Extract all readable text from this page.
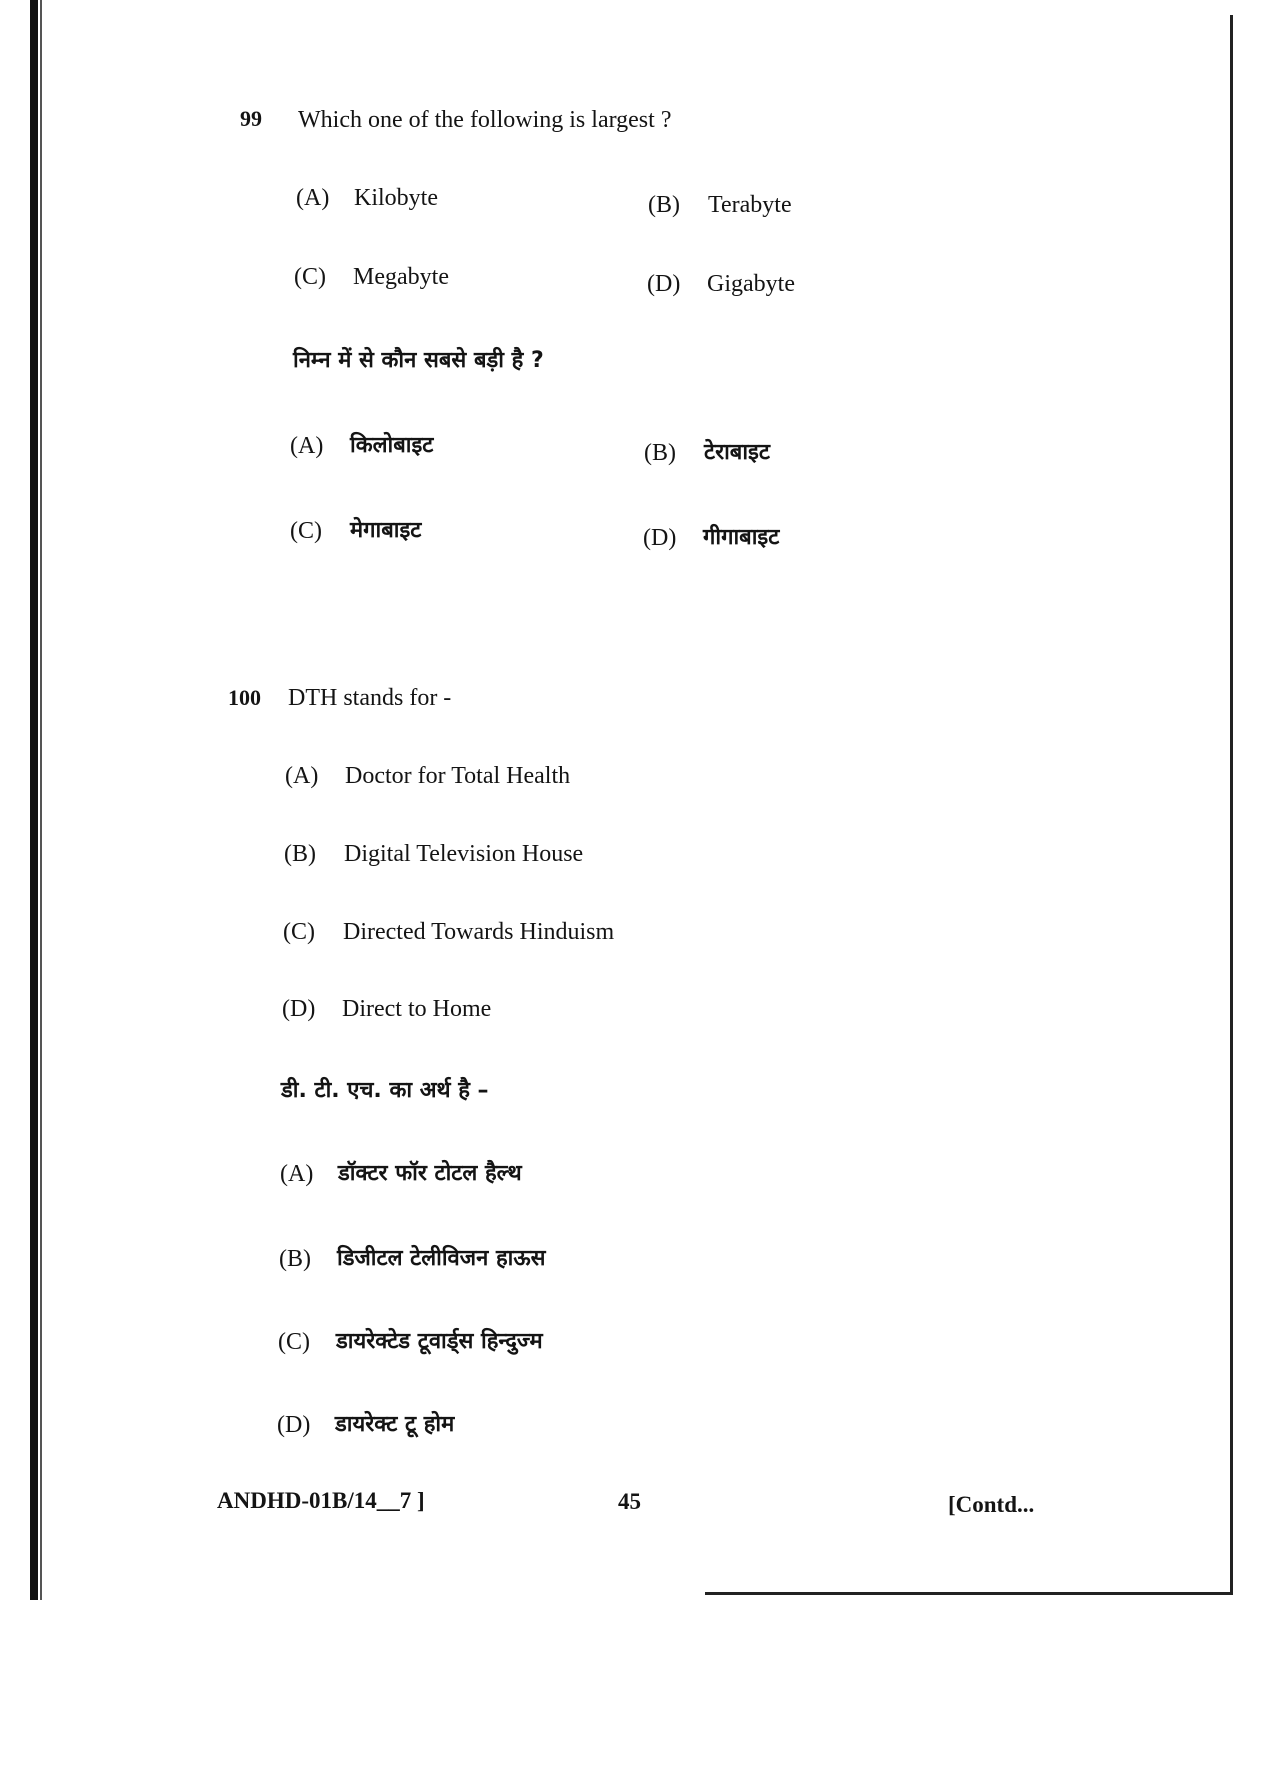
99 Which one of the following is largest ?
(A) Kilobyte	(B) Terabyte
(C) Megabyte	(D) Gigabyte
निम्न में से कौन सबसे बड़ी है ?
(A) किलोबाइट	(B) टेराबाइट
(C) मेगाबाइट	(D) गीगाबाइट
100 DTH stands for -
(A) Doctor for Total Health
(B) Digital Television House
(C) Directed Towards Hinduism
(D) Direct to Home
डी. टी. एच. का अर्थ है –
(A) डॉक्टर फॉर टोटल हैल्थ
(B) डिजीटल टेलीविजन हाऊस
(C) डायरेक्टेड टूवार्ड्स हिन्दुज्म
(D) डायरेक्ट टू होम
ANDHD-01B/14__7 ]	45	[Contd...
